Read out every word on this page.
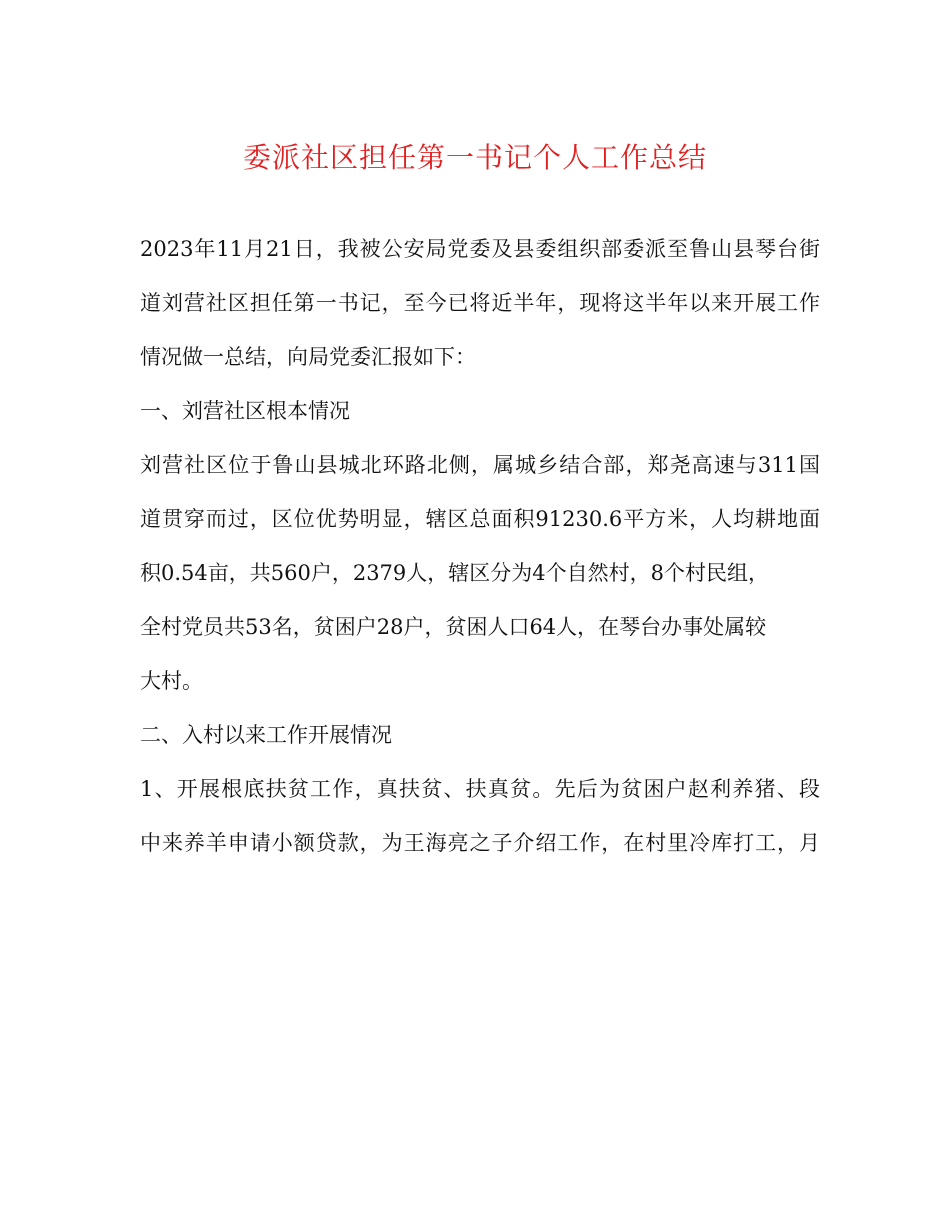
委派社区担任第一书记个人工作总结
2023年11月21日，我被公安局党委及县委组织部委派至鲁山县琴台街
道刘营社区担任第一书记，至今已将近半年，现将这半年以来开展工作
情况做一总结，向局党委汇报如下：
一、刘营社区根本情况
刘营社区位于鲁山县城北环路北侧，属城乡结合部，郑尧高速与311国
道贯穿而过，区位优势明显，辖区总面积91230.6平方米，人均耕地面
积0.54亩，共560户，2379人，辖区分为4个自然村，8个村民组，
全村党员共53名，贫困户28户，贫困人口64人，在琴台办事处属较
大村。
二、入村以来工作开展情况
1、开展根底扶贫工作，真扶贫、扶真贫。先后为贫困户赵利养猪、段
中来养羊申请小额贷款，为王海亮之子介绍工作，在村里冷库打工，月
